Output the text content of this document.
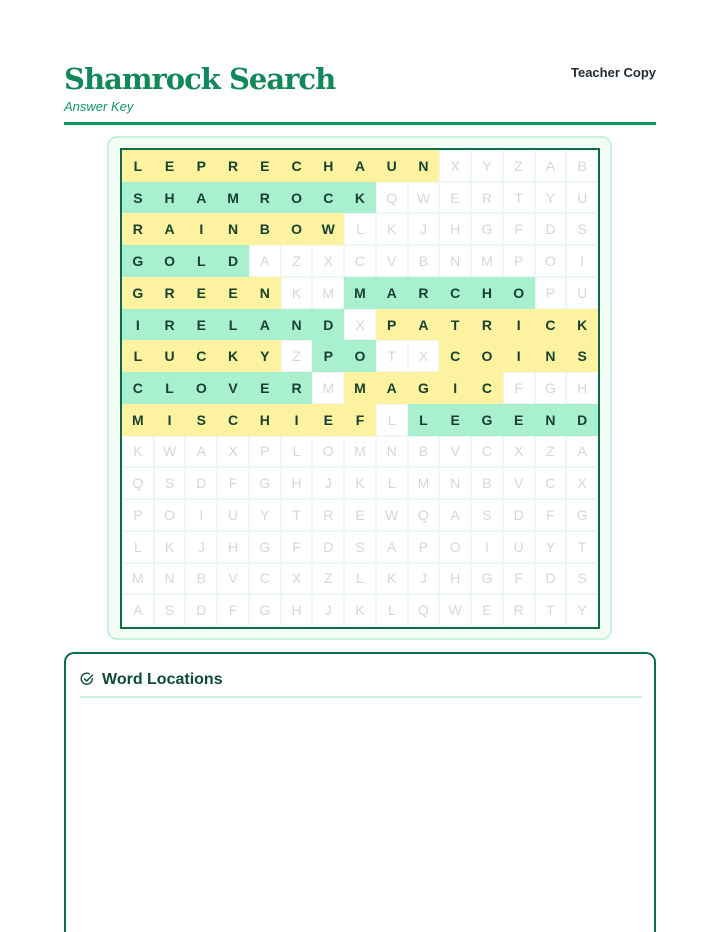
Shamrock Search
Answer Key
Teacher Copy
L	E	P	R	E	C	H	A	U	N	X	Y	Z	A	B
S	H	A	M	R	O	C	K	Q	W	E	R	T	Y	U
R	A	I	N	B	O	W	L	K	J	H	G	F	D	S
G	O	L	D	A	Z	X	C	V	B	N	M	P	O	I
G	R	E	E	N	K	M	M	A	R	C	H	O	P	U
I	R	E	L	A	N	D	X	P	A	T	R	I	C	K
L	U	C	K	Y	Z	P	O	T	X	C	O	I	N	S
C	L	O	V	E	R	M	M	A	G	I	C	F	G	H
M	I	S	C	H	I	E	F	L	L	E	G	E	N	D
K	W	A	X	P	L	O	M	N	B	V	C	X	Z	A
Q	S	D	F	G	H	J	K	L	M	N	B	V	C	X
P	O	I	U	Y	T	R	E	W	Q	A	S	D	F	G
L	K	J	H	G	F	D	S	A	P	O	I	U	Y	T
M	N	B	V	C	X	Z	L	K	J	H	G	F	D	S
A	S	D	F	G	H	J	K	L	Q	W	E	R	T	Y
Word Locations
